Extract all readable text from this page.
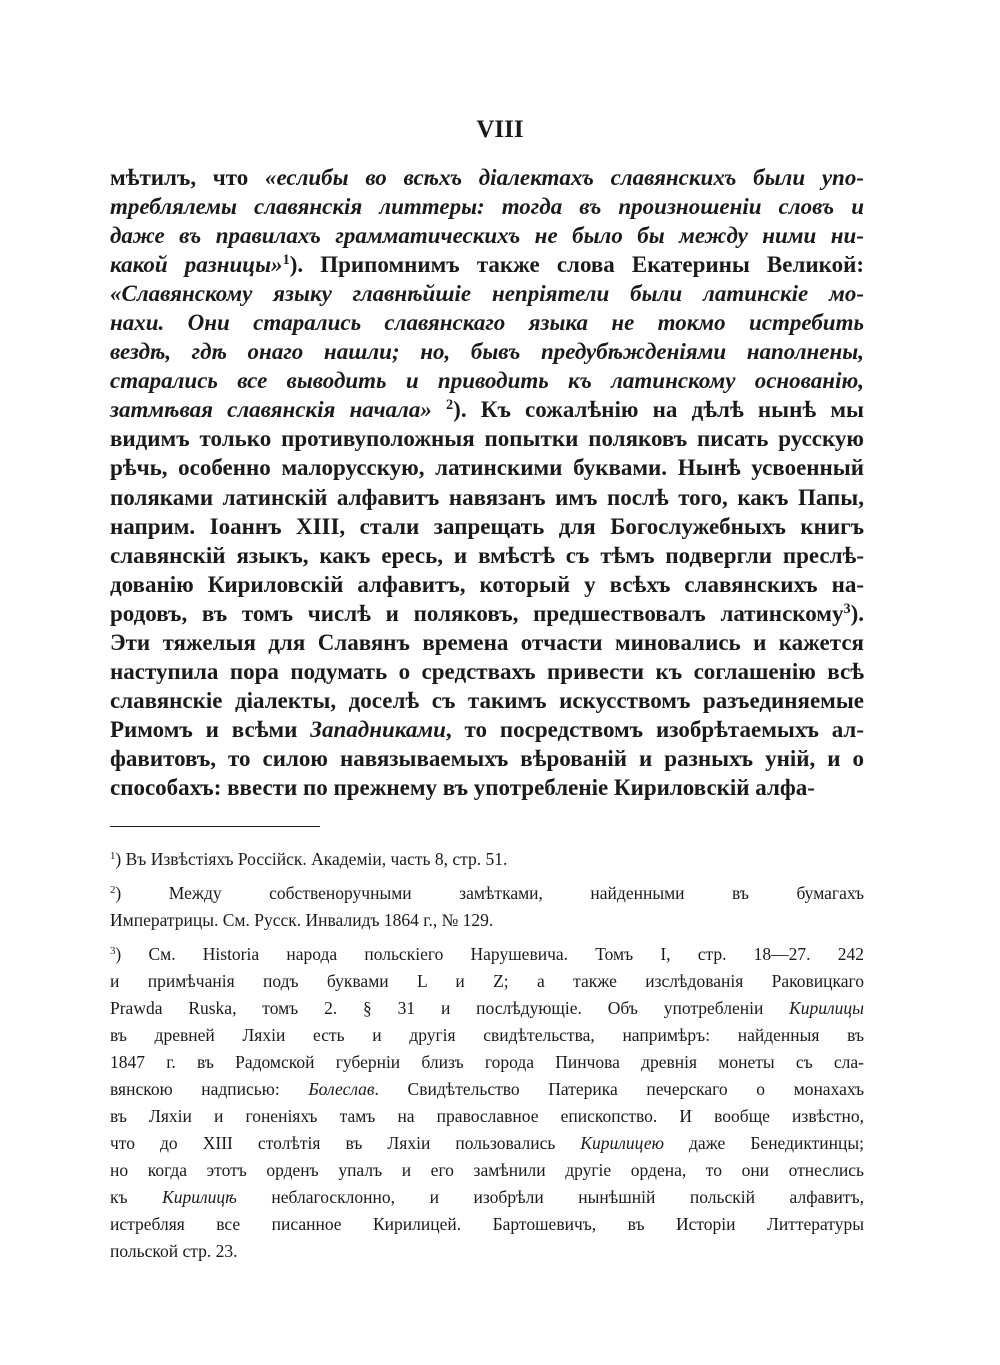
VIII
мѣтилъ, что «еслибы во всѣхъ діалектахъ славянскихъ были упо-
треблялемы славянскія литтеры: тогда въ произношеніи словъ и
даже въ правилахъ грамматическихъ не было бы между ними ни-
какой разницы»$^1$). Припомнимъ также слова Екатерины Великой:
«Славянскому языку главнѣйшіе непріятели были латинскіе мо-
нахи. Они старались славянскаго языка не токмо истребить
вездѣ, гдѣ онаго нашли; но, бывъ предубѣжденіями наполнены,
старались все выводить и приводить къ латинскому основанію,
затмѣвая славянскія начала» $^2$). Къ сожалѣнію на дѣлѣ нынѣ мы
видимъ только противуположныя попытки поляковъ писать русскую
рѣчь, особенно малорусскую, латинскими буквами. Нынѣ усвоенный
поляками латинскій алфавитъ навязанъ имъ послѣ того, какъ Папы,
наприм. Іоаннъ XIII, стали запрещать для Богослужебныхъ книгъ
славянскій языкъ, какъ ересь, и вмѣстѣ съ тѣмъ подвергли преслѣ-
дованію Кириловскій алфавитъ, который у всѣхъ славянскихъ на-
родовъ, въ томъ числѣ и поляковъ, предшествовалъ латинскому$^3$).
Эти тяжелыя для Славянъ времена отчасти миновались и кажется
наступила пора подумать о средствахъ привести къ соглашенію всѣ
славянскіе діалекты, доселѣ съ такимъ искусствомъ разъединяемые
Римомъ и всѣми Западниками, то посредствомъ изобрѣтаемыхъ ал-
фавитовъ, то силою навязываемыхъ вѣрованій и разныхъ уній, и о
способахъ: ввести по прежнему въ употребленіе Кириловскій алфа-
$^1$) Въ Извѣстіяхъ Россійск. Академіи, часть 8, стр. 51.
$^2$) Между собственоручными замѣтками, найденными въ бумагахъ
Императрицы. См. Русск. Инвалидъ 1864 г., № 129.
$^3$) См. Historia народа польскіего Нарушевича. Томъ I, стр. 18—27. 242
и примѣчанія подъ буквами L и Z; а также изслѣдованія Раковицкаго
Prawda Ruska, томъ 2. § 31 и послѣдующіе. Объ употребленіи Кирилицы
въ древней Ляхіи есть и другія свидѣтельства, напримѣръ: найденныя въ
1847 г. въ Радомской губерніи близъ города Пинчова древнія монеты съ сла-
вянскою надписью: Болеслав. Свидѣтельство Патерика печерскаго о монахахъ
въ Ляхіи и гоненіяхъ тамъ на православное епископство. И вообще извѣстно,
что до XIII столѣтія въ Ляхіи пользовались Кирилицею даже Бенедиктинцы;
но когда этотъ орденъ упалъ и его замѣнили другіе ордена, то они отнеслись
къ Кирилицѣ неблагосклонно, и изобрѣли нынѣшній польскій алфавитъ,
истребляя все писанное Кирилицей. Бартошевичъ, въ Исторіи Литтературы
польской стр. 23.
